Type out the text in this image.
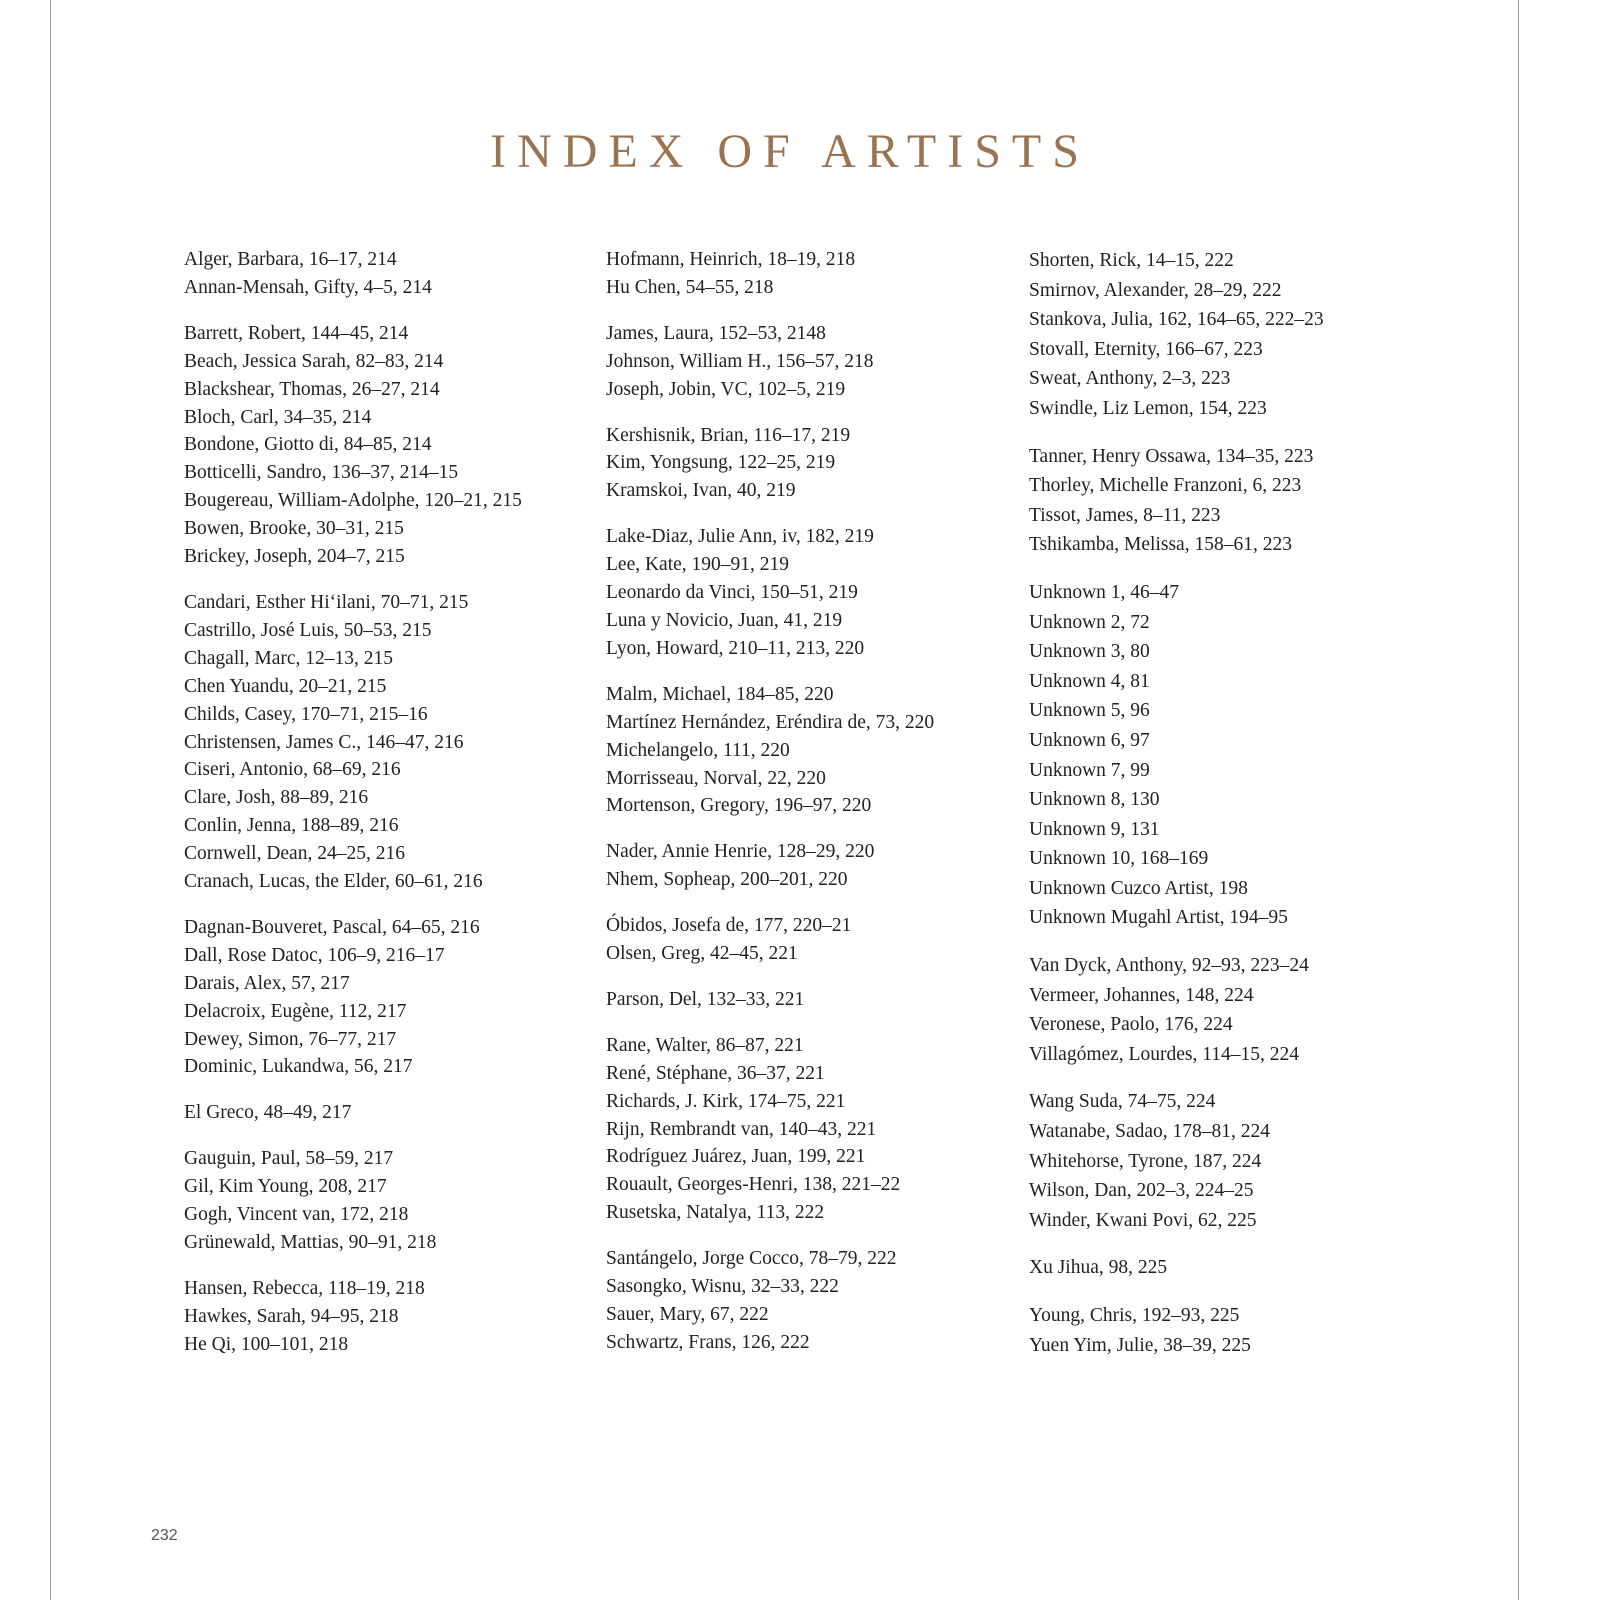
INDEX OF ARTISTS
Alger, Barbara, 16–17, 214
Annan-Mensah, Gifty, 4–5, 214
Barrett, Robert, 144–45, 214
Beach, Jessica Sarah, 82–83, 214
Blackshear, Thomas, 26–27, 214
Bloch, Carl, 34–35, 214
Bondone, Giotto di, 84–85, 214
Botticelli, Sandro, 136–37, 214–15
Bougereau, William-Adolphe, 120–21, 215
Bowen, Brooke, 30–31, 215
Brickey, Joseph, 204–7, 215
Candari, Esther Hiʻilani, 70–71, 215
Castrillo, José Luis, 50–53, 215
Chagall, Marc, 12–13, 215
Chen Yuandu, 20–21, 215
Childs, Casey, 170–71, 215–16
Christensen, James C., 146–47, 216
Ciseri, Antonio, 68–69, 216
Clare, Josh, 88–89, 216
Conlin, Jenna, 188–89, 216
Cornwell, Dean, 24–25, 216
Cranach, Lucas, the Elder, 60–61, 216
Dagnan-Bouveret, Pascal, 64–65, 216
Dall, Rose Datoc, 106–9, 216–17
Darais, Alex, 57, 217
Delacroix, Eugène, 112, 217
Dewey, Simon, 76–77, 217
Dominic, Lukandwa, 56, 217
El Greco, 48–49, 217
Gauguin, Paul, 58–59, 217
Gil, Kim Young, 208, 217
Gogh, Vincent van, 172, 218
Grünewald, Mattias, 90–91, 218
Hansen, Rebecca, 118–19, 218
Hawkes, Sarah, 94–95, 218
He Qi, 100–101, 218
Hofmann, Heinrich, 18–19, 218
Hu Chen, 54–55, 218
James, Laura, 152–53, 2148
Johnson, William H., 156–57, 218
Joseph, Jobin, VC, 102–5, 219
Kershisnik, Brian, 116–17, 219
Kim, Yongsung, 122–25, 219
Kramskoi, Ivan, 40, 219
Lake-Diaz, Julie Ann, iv, 182, 219
Lee, Kate, 190–91, 219
Leonardo da Vinci, 150–51, 219
Luna y Novicio, Juan, 41, 219
Lyon, Howard, 210–11, 213, 220
Malm, Michael, 184–85, 220
Martínez Hernández, Eréndira de, 73, 220
Michelangelo, 111, 220
Morrisseau, Norval, 22, 220
Mortenson, Gregory, 196–97, 220
Nader, Annie Henrie, 128–29, 220
Nhem, Sopheap, 200–201, 220
Óbidos, Josefa de, 177, 220–21
Olsen, Greg, 42–45, 221
Parson, Del, 132–33, 221
Rane, Walter, 86–87, 221
René, Stéphane, 36–37, 221
Richards, J. Kirk, 174–75, 221
Rijn, Rembrandt van, 140–43, 221
Rodríguez Juárez, Juan, 199, 221
Rouault, Georges-Henri, 138, 221–22
Rusetska, Natalya, 113, 222
Santángelo, Jorge Cocco, 78–79, 222
Sasongko, Wisnu, 32–33, 222
Sauer, Mary, 67, 222
Schwartz, Frans, 126, 222
Shorten, Rick, 14–15, 222
Smirnov, Alexander, 28–29, 222
Stankova, Julia, 162, 164–65, 222–23
Stovall, Eternity, 166–67, 223
Sweat, Anthony, 2–3, 223
Swindle, Liz Lemon, 154, 223
Tanner, Henry Ossawa, 134–35, 223
Thorley, Michelle Franzoni, 6, 223
Tissot, James, 8–11, 223
Tshikamba, Melissa, 158–61, 223
Unknown 1, 46–47
Unknown 2, 72
Unknown 3, 80
Unknown 4, 81
Unknown 5, 96
Unknown 6, 97
Unknown 7, 99
Unknown 8, 130
Unknown 9, 131
Unknown 10, 168–169
Unknown Cuzco Artist, 198
Unknown Mugahl Artist, 194–95
Van Dyck, Anthony, 92–93, 223–24
Vermeer, Johannes, 148, 224
Veronese, Paolo, 176, 224
Villagómez, Lourdes, 114–15, 224
Wang Suda, 74–75, 224
Watanabe, Sadao, 178–81, 224
Whitehorse, Tyrone, 187, 224
Wilson, Dan, 202–3, 224–25
Winder, Kwani Povi, 62, 225
Xu Jihua, 98, 225
Young, Chris, 192–93, 225
Yuen Yim, Julie, 38–39, 225
232
